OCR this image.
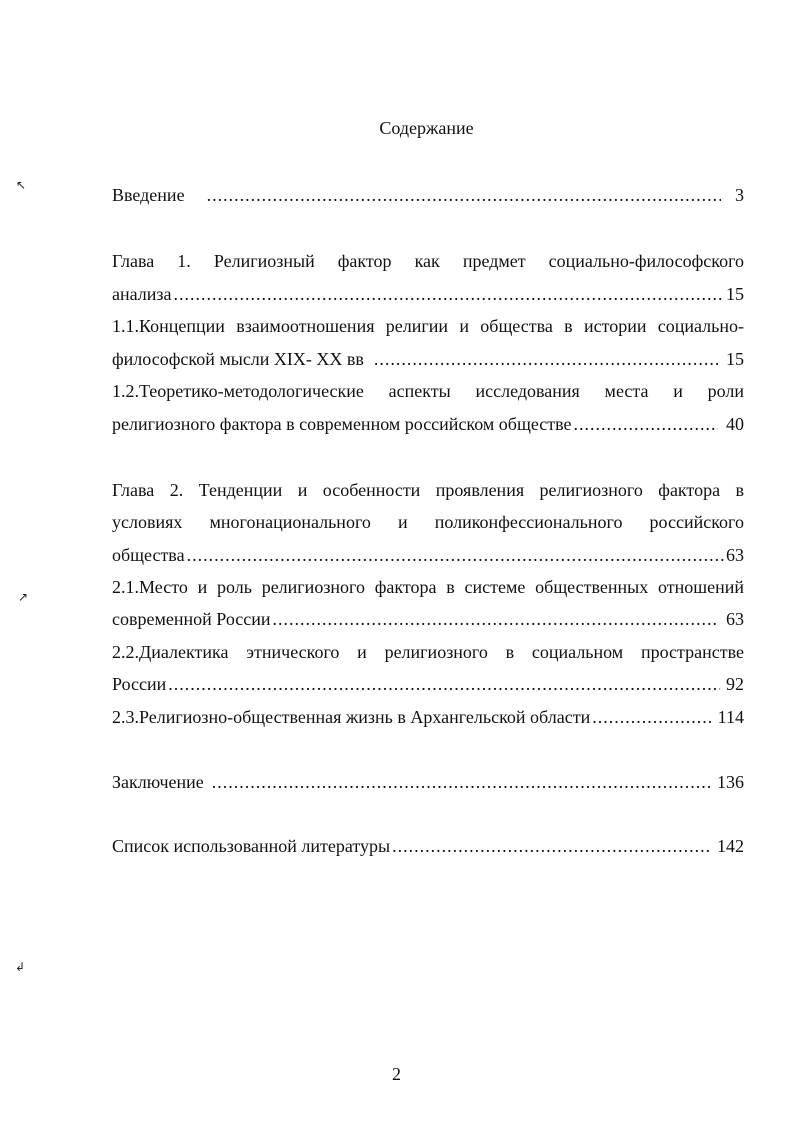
Содержание
Введение .....	3
Глава 1. Религиозный фактор как предмет социально-философского
анализа .....	15
1.1.Концепции взаимоотношения религии и общества в истории социально-
философской мысли XIX- XX вв .....	15
1.2.Теоретико-методологические аспекты исследования места и роли
религиозного фактора в современном российском обществе .....	40
Глава 2. Тенденции и особенности проявления религиозного фактора в
условиях многонационального и поликонфессионального российского
общества .....	63
2.1.Место и роль религиозного фактора в системе общественных отношений
современной России .....	63
2.2.Диалектика этнического и религиозного в социальном пространстве
России .....	92
2.3.Религиозно-общественная жизнь в Архангельской области .....	114
Заключение .....	136
Список использованной литературы .....	142
↖
↗
↲
2
